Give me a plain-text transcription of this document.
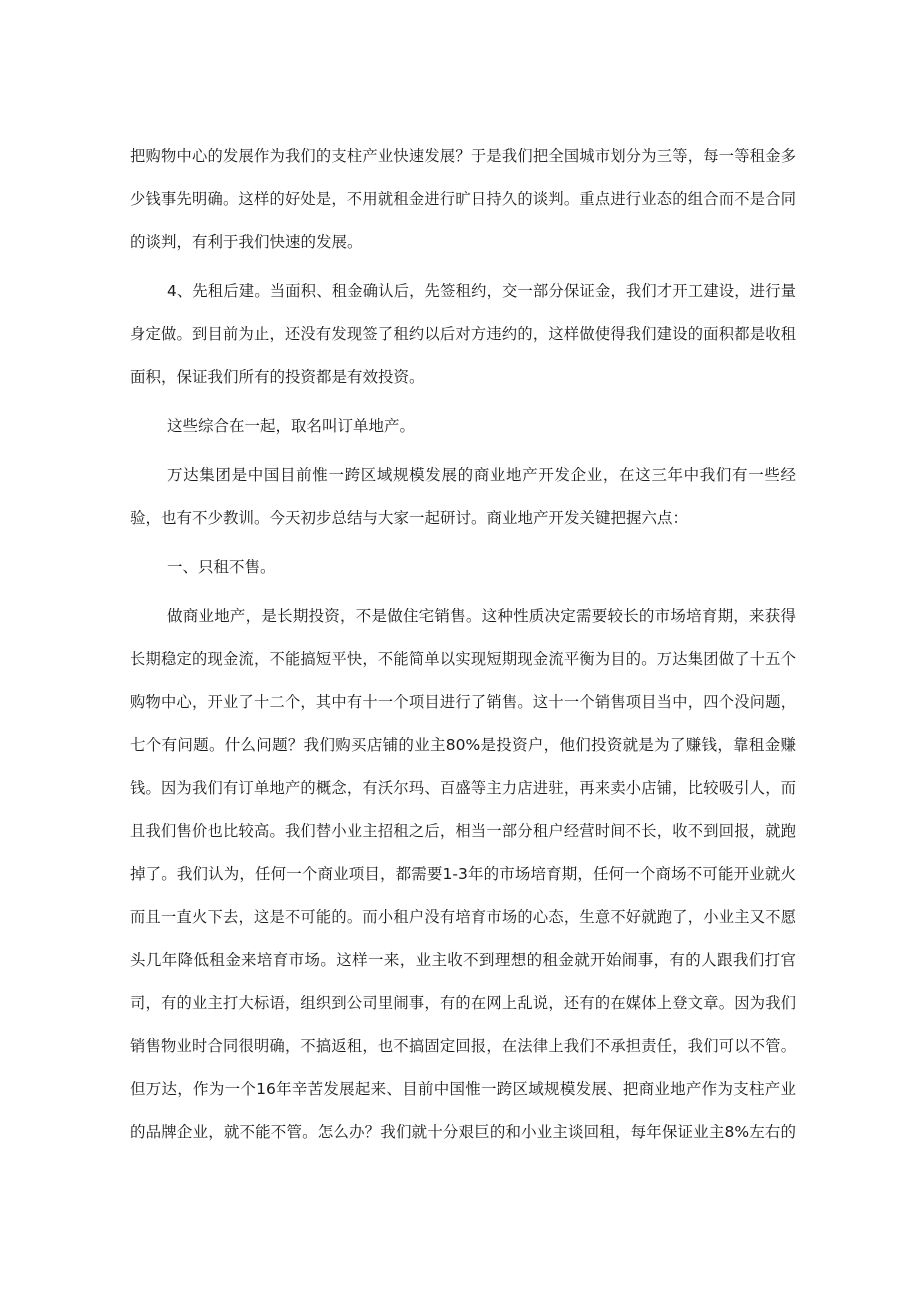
把购物中心的发展作为我们的支柱产业快速发展？于是我们把全国城市划分为三等，每一等租金多
少钱事先明确。这样的好处是，不用就租金进行旷日持久的谈判。重点进行业态的组合而不是合同
的谈判，有利于我们快速的发展。
4、先租后建。当面积、租金确认后，先签租约，交一部分保证金，我们才开工建设，进行量
身定做。到目前为止，还没有发现签了租约以后对方违约的，这样做使得我们建设的面积都是收租
面积，保证我们所有的投资都是有效投资。
这些综合在一起，取名叫订单地产。
万达集团是中国目前惟一跨区域规模发展的商业地产开发企业，在这三年中我们有一些经
验，也有不少教训。今天初步总结与大家一起研讨。商业地产开发关键把握六点：
一、只租不售。
做商业地产，是长期投资，不是做住宅销售。这种性质决定需要较长的市场培育期，来获得
长期稳定的现金流，不能搞短平快，不能简单以实现短期现金流平衡为目的。万达集团做了十五个
购物中心，开业了十二个，其中有十一个项目进行了销售。这十一个销售项目当中，四个没问题，
七个有问题。什么问题？我们购买店铺的业主80%是投资户，他们投资就是为了赚钱，靠租金赚
钱。因为我们有订单地产的概念，有沃尔玛、百盛等主力店进驻，再来卖小店铺，比较吸引人，而
且我们售价也比较高。我们替小业主招租之后，相当一部分租户经营时间不长，收不到回报，就跑
掉了。我们认为，任何一个商业项目，都需要1-3年的市场培育期，任何一个商场不可能开业就火
而且一直火下去，这是不可能的。而小租户没有培育市场的心态，生意不好就跑了，小业主又不愿
头几年降低租金来培育市场。这样一来，业主收不到理想的租金就开始闹事，有的人跟我们打官
司，有的业主打大标语，组织到公司里闹事，有的在网上乱说，还有的在媒体上登文章。因为我们
销售物业时合同很明确，不搞返租，也不搞固定回报，在法律上我们不承担责任，我们可以不管。
但万达，作为一个16年辛苦发展起来、目前中国惟一跨区域规模发展、把商业地产作为支柱产业
的品牌企业，就不能不管。怎么办？我们就十分艰巨的和小业主谈回租，每年保证业主8%左右的
